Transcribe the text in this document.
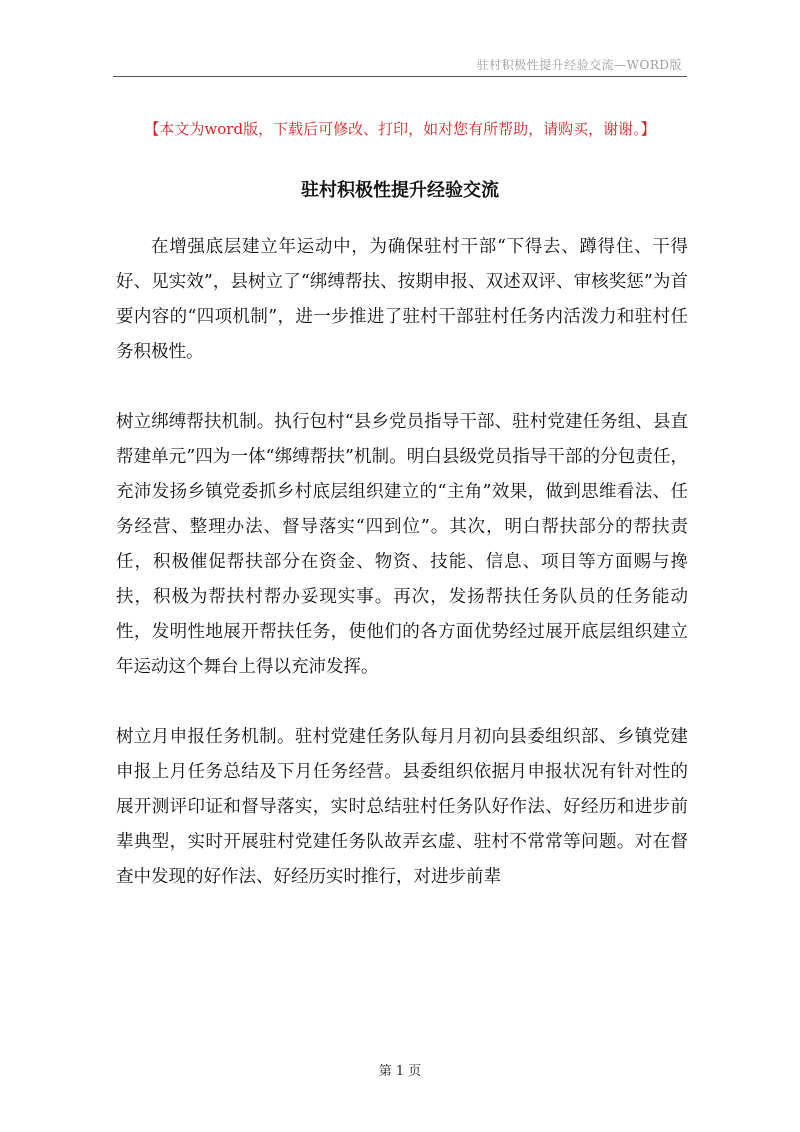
驻村积极性提升经验交流—WORD版
【本文为word版，下载后可修改、打印，如对您有所帮助，请购买，谢谢。】
驻村积极性提升经验交流

在增强底层建立年运动中，为确保驻村干部“下得去、蹲得住、干得好、见实效”，县树立了“绑缚帮扶、按期申报、双述双评、审核奖惩”为首要内容的“四项机制”，进一步推进了驻村干部驻村任务内活泼力和驻村任务积极性。

树立绑缚帮扶机制。执行包村“县乡党员指导干部、驻村党建任务组、县直帮建单元”四为一体“绑缚帮扶”机制。明白县级党员指导干部的分包责任，充沛发扬乡镇党委抓乡村底层组织建立的“主角”效果，做到思维看法、任务经营、整理办法、督导落实“四到位”。其次，明白帮扶部分的帮扶责任，积极催促帮扶部分在资金、物资、技能、信息、项目等方面赐与搀扶，积极为帮扶村帮办妥现实事。再次，发扬帮扶任务队员的任务能动性，发明性地展开帮扶任务，使他们的各方面优势经过展开底层组织建立年运动这个舞台上得以充沛发挥。

树立月申报任务机制。驻村党建任务队每月月初向县委组织部、乡镇党建申报上月任务总结及下月任务经营。县委组织依据月申报状况有针对性的展开测评印证和督导落实，实时总结驻村任务队好作法、好经历和进步前辈典型，实时开展驻村党建任务队故弄玄虚、驻村不常常等问题。对在督查中发现的好作法、好经历实时推行，对进步前辈

第 1 页
